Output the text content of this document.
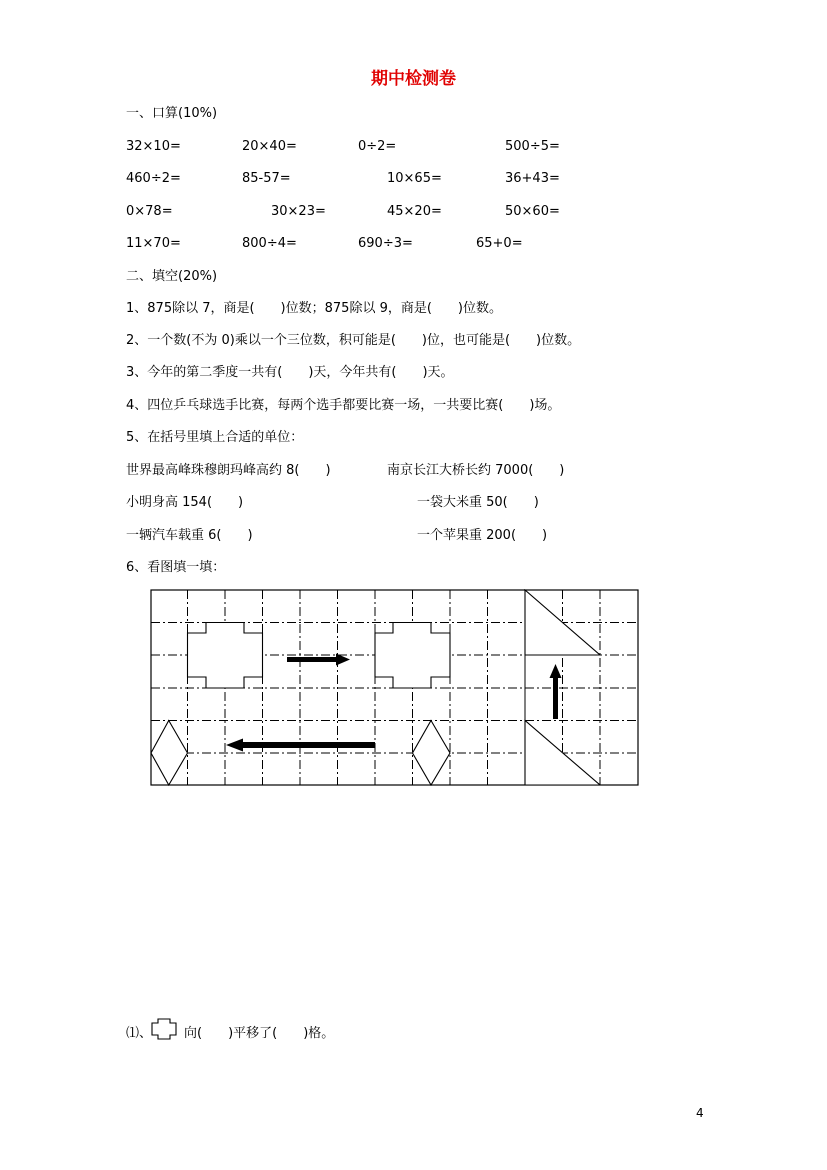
期中检测卷
一、口算(10%)
32×10=	20×40=	0÷2=	500÷5=
460÷2=	85-57=	10×65=	36+43=
0×78=	30×23=	45×20=	50×60=
11×70=	800÷4=	690÷3=	65+0=
二、填空(20%)
1、875除以 7，商是(　　)位数；875除以 9，商是(　　)位数。
2、一个数(不为 0)乘以一个三位数，积可能是(　　)位，也可能是(　　)位数。
3、今年的第二季度一共有(　　)天，今年共有(　　)天。
4、四位乒乓球选手比赛，每两个选手都要比赛一场，一共要比赛(　　)场。
5、在括号里填上合适的单位：
世界最高峰珠穆朗玛峰高约 8(　　)	南京长江大桥长约 7000(　　)
小明身高 154(　　)	一袋大米重 50(　　)
一辆汽车载重 6(　　)	一个苹果重 200(　　)
6、看图填一填：
⑴、 向(　　)平移了(　　)格。
4
